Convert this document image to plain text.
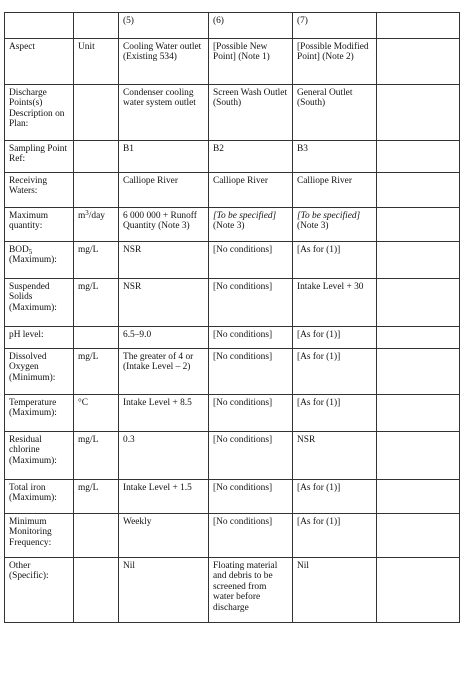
		(5)	(6)	(7)	
Aspect	Unit	Cooling Water outlet (Existing 534)	[Possible New Point] (Note 1)	[Possible Modified Point] (Note 2)	
Discharge Points(s) Description on Plan:		Condenser cooling water system outlet	Screen Wash Outlet (South)	General Outlet (South)	
Sampling Point Ref:		B1	B2	B3	
Receiving Waters:		Calliope River	Calliope River	Calliope River	
Maximum quantity:	$m^3$/day	6 000 000 + Runoff Quantity (Note 3)	[To be specified] (Note 3)	[To be specified] (Note 3)	
$BOD_5$
(Maximum):	mg/L	NSR	[No conditions]	[As for (1)]	
Suspended Solids (Maximum):	mg/L	NSR	[No conditions]	Intake Level + 30	
pH level:		6.5–9.0	[No conditions]	[As for (1)]	
Dissolved Oxygen (Minimum):	mg/L	The greater of 4 or (Intake Level – 2)	[No conditions]	[As for (1)]	
Temperature (Maximum):	°C	Intake Level + 8.5	[No conditions]	[As for (1)]	
Residual chlorine (Maximum):	mg/L	0.3	[No conditions]	NSR	
Total iron (Maximum):	mg/L	Intake Level + 1.5	[No conditions]	[As for (1)]	
Minimum Monitoring Frequency:		Weekly	[No conditions]	[As for (1)]	
Other (Specific):		Nil	Floating material and debris to be screened from water before discharge	Nil	
